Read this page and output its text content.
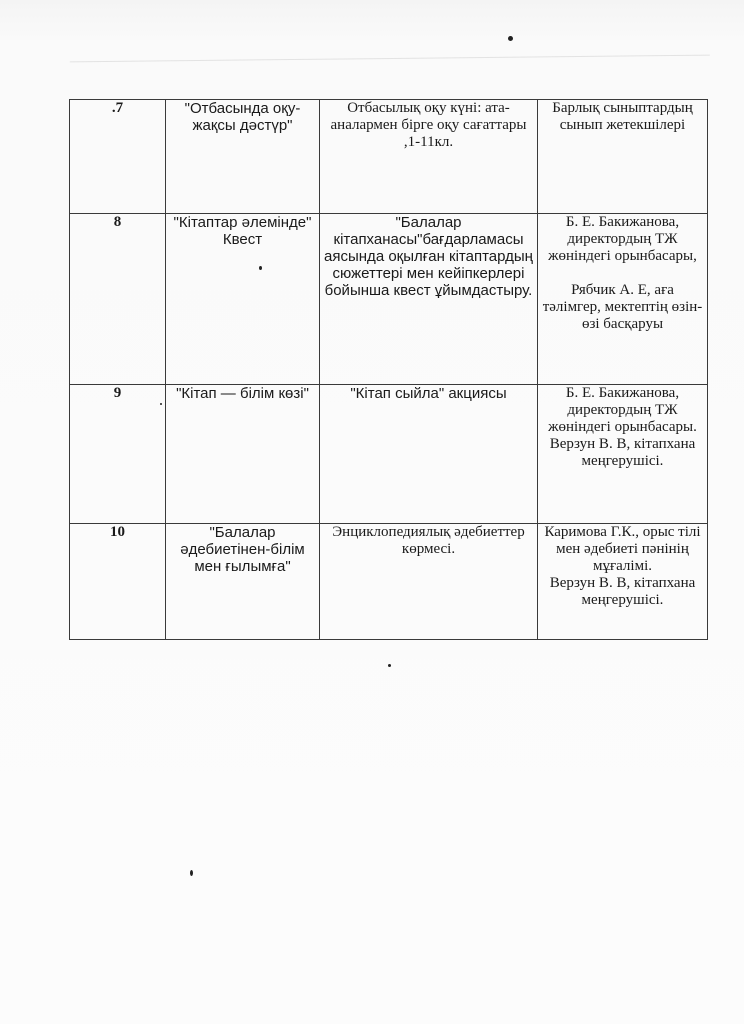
.7	"Отбасында оқу- жақсы дәстүр"	Отбасылық оқу күні: ата-аналармен бірге оқу сағаттары ,1-11кл.	Барлық сыныптардың сынып жетекшілері

8	"Кітаптар әлемінде" Квест	"Балалар кітапханасы"бағдарламасы аясында оқылған кітаптардың сюжеттері мен кейіпкерлері бойынша квест ұйымдастыру.	Б. Е. Бакижанова, директордың ТЖ жөніндегі орынбасары,
Рябчик А. Е, аға тәлімгер, мектептің өзін-өзі басқаруы

9	"Кітап — білім көзі"	"Кітап сыйла" акциясы	Б. Е. Бакижанова, директордың ТЖ жөніндегі орынбасары.
Верзун В. В, кітапхана меңгерушісі.

10	"Балалар әдебиетінен-білім мен ғылымға"	Энциклопедиялық әдебиеттер көрмесі.	Каримова Г.К., орыс тілі мен әдебиеті пәнінің мұғалімі.
Верзун В. В, кітапхана меңгерушісі.
